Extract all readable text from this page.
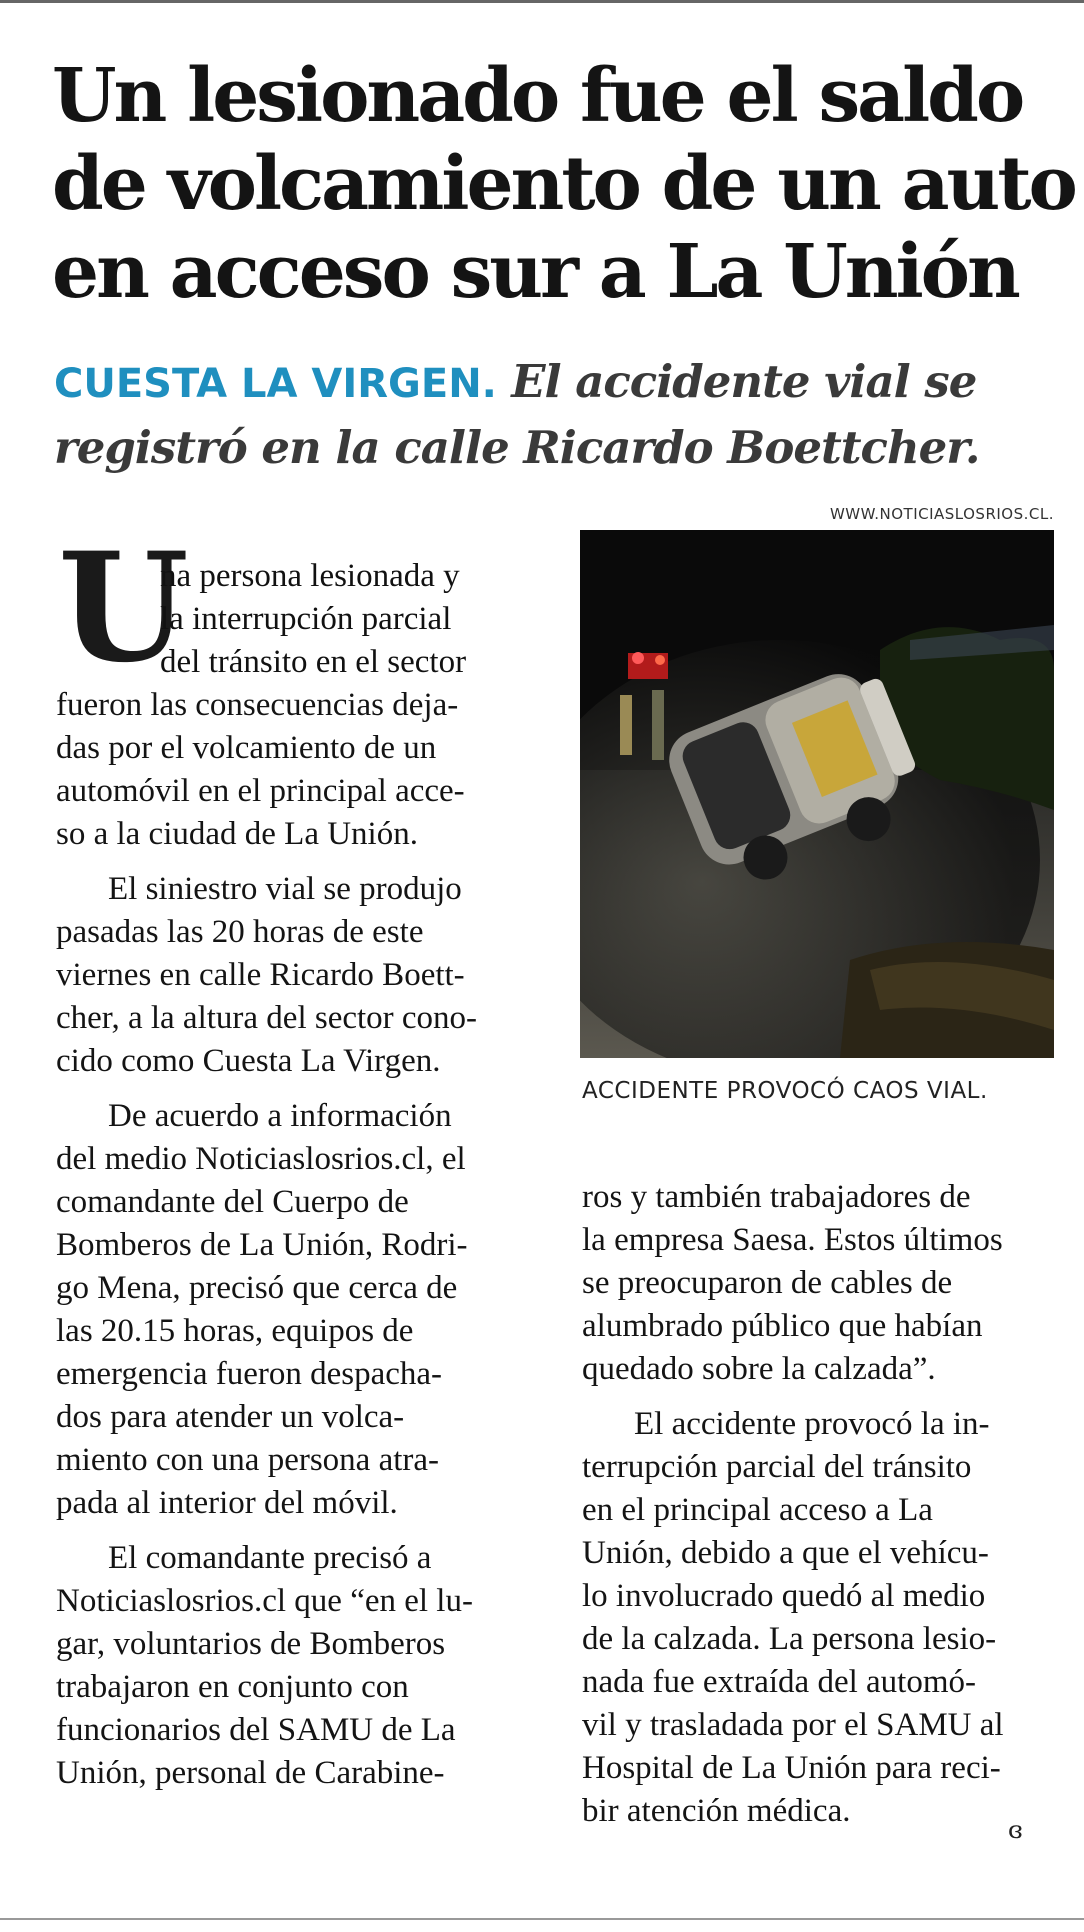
Un lesionado fue el saldo
de volcamiento de un auto
en acceso sur a La Unión
CUESTA LA VIRGEN. El accidente vial se
registró en la calle Ricardo Boettcher.
WWW.NOTICIASLOSRIOS.CL.
ACCIDENTE PROVOCÓ CAOS VIAL.
U
na persona lesionada y
la interrupción parcial
del tránsito en el sector
fueron las consecuencias deja-
das por el volcamiento de un
automóvil en el principal acce-
so a la ciudad de La Unión.
El siniestro vial se produjo
pasadas las 20 horas de este
viernes en calle Ricardo Boett-
cher, a la altura del sector cono-
cido como Cuesta La Virgen.
De acuerdo a información
del medio Noticiaslosrios.cl, el
comandante del Cuerpo de
Bomberos de La Unión, Rodri-
go Mena, precisó que cerca de
las 20.15 horas, equipos de
emergencia fueron despacha-
dos para atender un volca-
miento con una persona atra-
pada al interior del móvil.
El comandante precisó a
Noticiaslosrios.cl que “en el lu-
gar, voluntarios de Bomberos
trabajaron en conjunto con
funcionarios del SAMU de La
Unión, personal de Carabine-
ros y también trabajadores de
la empresa Saesa. Estos últimos
se preocuparon de cables de
alumbrado público que habían
quedado sobre la calzada”.
El accidente provocó la in-
terrupción parcial del tránsito
en el principal acceso a La
Unión, debido a que el vehícu-
lo involucrado quedó al medio
de la calzada. La persona lesio-
nada fue extraída del automó-
vil y trasladada por el SAMU al
Hospital de La Unión para reci-
bir atención médica.
ɞ
